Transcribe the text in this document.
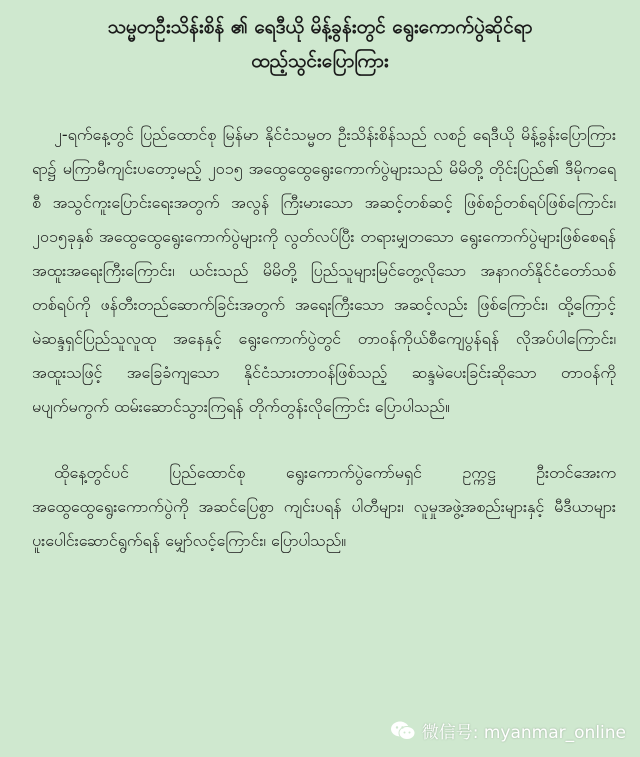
သမ္မတဦးသိန်းစိန် ၏ ရေဒီယို မိန့်ခွန်းတွင် ရွေးကောက်ပွဲဆိုင်ရာ
ထည့်သွင်းပြောကြား

၂-ရက်နေ့တွင် ပြည်ထောင်စု မြန်မာ နိုင်ငံသမ္မတ ဦးသိန်းစိန်သည် လစဉ် ရေဒီယို မိန့်ခွန်းပြောကြားရာ၌ မကြာမီကျင်းပတော့မည့် ၂၀၁၅ အထွေထွေရွေးကောက်ပွဲများသည် မိမိတို့ တိုင်းပြည်၏ ဒီမိုကရေစီ အသွင်ကူးပြောင်းရေးအတွက် အလွန် ကြီးမားသော အဆင့်တစ်ဆင့် ဖြစ်စဉ်တစ်ရပ်ဖြစ်ကြောင်း၊ ၂၀၁၅ခုနှစ် အထွေထွေရွေးကောက်ပွဲများကို လွတ်လပ်ပြီး တရားမျှတသော ရွေးကောက်ပွဲများဖြစ်စေရန် အထူးအရေးကြီးကြောင်း၊ ယင်းသည် မိမိတို့ ပြည်သူများမြင်တွေ့လိုသော အနာဂတ်နိုင်ငံတော်သစ်တစ်ရပ်ကို ဖန်တီးတည်ဆောက်ခြင်းအတွက် အရေးကြီးသော အဆင့်လည်း ဖြစ်ကြောင်း၊ ထို့ကြောင့် မဲဆန္ဒရှင်ပြည်သူလူထု အနေနှင့် ရွေးကောက်ပွဲတွင် တာဝန်ကိုယ်စီကျေပွန်ရန် လိုအပ်ပါကြောင်း၊ အထူးသဖြင့် အခြေခံကျသော နိုင်ငံသားတာဝန်ဖြစ်သည့် ဆန္ဒမဲပေးခြင်းဆိုသော တာဝန်ကို မပျက်မကွက် ထမ်းဆောင်သွားကြရန် တိုက်တွန်းလိုကြောင်း ပြောပါသည်။

ထိုနေ့တွင်ပင် ပြည်ထောင်စု ရွေးကောက်ပွဲကော်မရှင် ဥက္ကဋ္ဌ ဦးတင်အေးက အထွေထွေရွေးကောက်ပွဲကို အဆင်ပြေစွာ ကျင်းပရန် ပါတီများ၊ လူမှုအဖွဲ့အစည်းများနှင့် မီဒီယာများ ပူးပေါင်းဆောင်ရွက်ရန် မျှော်လင့်ကြောင်း၊ ပြောပါသည်။

微信号: myanmar_online
